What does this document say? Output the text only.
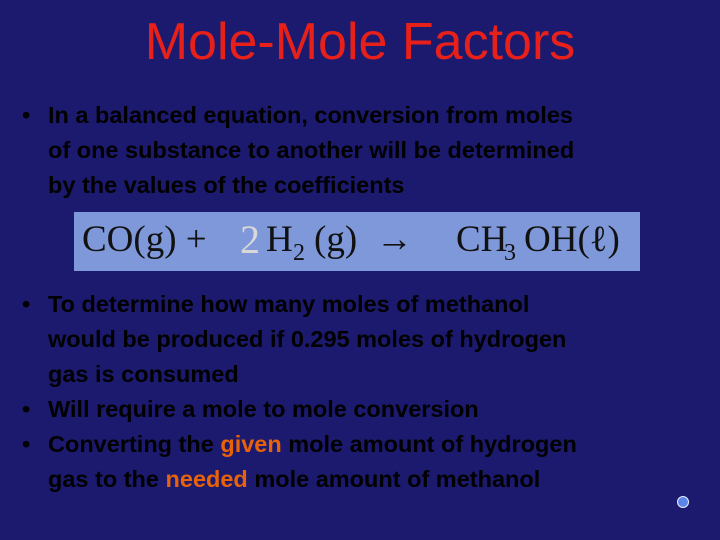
Mole-Mole Factors
• In a balanced equation, conversion from moles
of one substance to another will be determined
by the values of the coefficients
CO(g) + 2 H 2 (g) → CH
3 OH(ℓ)
• To determine how many moles of methanol
would be produced if 0.295 moles of hydrogen
gas is consumed
• Will require a mole to mole conversion
• Converting the given mole amount of hydrogen
gas to the needed mole amount of methanol
